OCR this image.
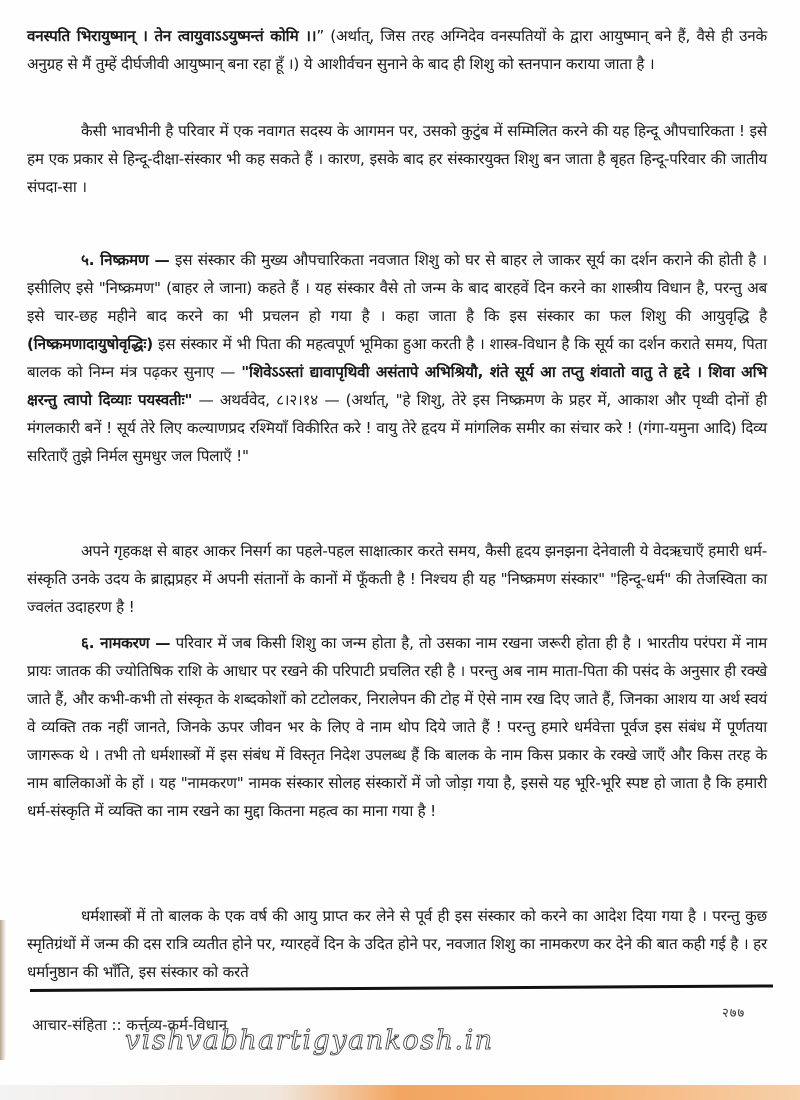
वनस्पति भिरायुष्मान् । तेन त्वायुवाऽऽयुष्मन्तं कोमि ।।” (अर्थात्, जिस तरह अग्निदेव वनस्पतियों के द्वारा आयुष्मान् बने हैं, वैसे ही उनके अनुग्रह से मैं तुम्हें दीर्घजीवी आयुष्मान् बना रहा हूँ ।) ये आशीर्वचन सुनाने के बाद ही शिशु को स्तनपान कराया जाता है ।

कैसी भावभीनी है परिवार में एक नवागत सदस्य के आगमन पर, उसको कुटुंब में सम्मिलित करने की यह हिन्दू औपचारिकता ! इसे हम एक प्रकार से हिन्दू-दीक्षा-संस्कार भी कह सकते हैं । कारण, इसके बाद हर संस्कारयुक्त शिशु बन जाता है बृहत हिन्दू-परिवार की जातीय संपदा-सा ।

५. निष्क्रमण — इस संस्कार की मुख्य औपचारिकता नवजात शिशु को घर से बाहर ले जाकर सूर्य का दर्शन कराने की होती है । इसीलिए इसे "निष्क्रमण" (बाहर ले जाना) कहते हैं । यह संस्कार वैसे तो जन्म के बाद बारहवें दिन करने का शास्त्रीय विधान है, परन्तु अब इसे चार-छह महीने बाद करने का भी प्रचलन हो गया है । कहा जाता है कि इस संस्कार का फल शिशु की आयुवृद्धि है (निष्क्रमणादायुषोवृद्धिः) इस संस्कार में भी पिता की महत्वपूर्ण भूमिका हुआ करती है । शास्त्र-विधान है कि सूर्य का दर्शन कराते समय, पिता बालक को निम्न मंत्र पढ़कर सुनाए — "शिवेऽऽस्तां द्यावापृथिवी असंतापे अभिश्रियौ, शंते सूर्य आ तप्तु शंवातो वातु ते हृदे । शिवा अभि क्षरन्तु त्वापो दिव्याः पयस्वतीः" — अथर्ववेद, ८।२।१४ — (अर्थात्, "हे शिशु, तेरे इस निष्क्रमण के प्रहर में, आकाश और पृथ्वी दोनों ही मंगलकारी बनें ! सूर्य तेरे लिए कल्याणप्रद रश्मियाँ विकीरित करे ! वायु तेरे हृदय में मांगलिक समीर का संचार करे ! (गंगा-यमुना आदि) दिव्य सरिताएँ तुझे निर्मल सुमधुर जल पिलाएँ !"

अपने गृहकक्ष से बाहर आकर निसर्ग का पहले-पहल साक्षात्कार करते समय, कैसी हृदय झनझना देनेवाली ये वेदऋचाएँ हमारी धर्म-संस्कृति उनके उदय के ब्राह्मप्रहर में अपनी संतानों के कानों में फूँकती है ! निश्चय ही यह "निष्क्रमण संस्कार" "हिन्दू-धर्म" की तेजस्विता का ज्वलंत उदाहरण है !

६. नामकरण — परिवार में जब किसी शिशु का जन्म होता है, तो उसका नाम रखना जरूरी होता ही है । भारतीय परंपरा में नाम प्रायः जातक की ज्योतिषिक राशि के आधार पर रखने की परिपाटी प्रचलित रही है । परन्तु अब नाम माता-पिता की पसंद के अनुसार ही रक्खे जाते हैं, और कभी-कभी तो संस्कृत के शब्दकोशों को टटोलकर, निरालेपन की टोह में ऐसे नाम रख दिए जाते हैं, जिनका आशय या अर्थ स्वयं वे व्यक्ति तक नहीं जानते, जिनके ऊपर जीवन भर के लिए वे नाम थोप दिये जाते हैं ! परन्तु हमारे धर्मवेत्ता पूर्वज इस संबंध में पूर्णतया जागरूक थे । तभी तो धर्मशास्त्रों में इस संबंध में विस्तृत निदेश उपलब्ध हैं कि बालक के नाम किस प्रकार के रक्खे जाएँ और किस तरह के नाम बालिकाओं के हों । यह "नामकरण" नामक संस्कार सोलह संस्कारों में जो जोड़ा गया है, इससे यह भूरि-भूरि स्पष्ट हो जाता है कि हमारी धर्म-संस्कृति में व्यक्ति का नाम रखने का मुद्दा कितना महत्व का माना गया है !

धर्मशास्त्रों में तो बालक के एक वर्ष की आयु प्राप्त कर लेने से पूर्व ही इस संस्कार को करने का आदेश दिया गया है । परन्तु कुछ स्मृतिग्रंथों में जन्म की दस रात्रि व्यतीत होने पर, ग्यारहवें दिन के उदित होने पर, नवजात शिशु का नामकरण कर देने की बात कही गई है । हर धर्मानुष्ठान की भाँति, इस संस्कार को करते

२७७
आचार-संहिता :: कर्त्तव्य-कर्म-विधान
vishvabhartigyankosh.in
